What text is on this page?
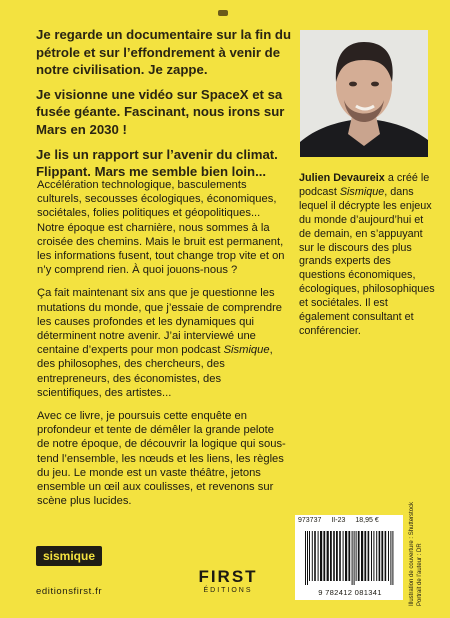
Je regarde un documentaire sur la fin du pétrole et sur l’effondrement à venir de notre civilisation. Je zappe.

Je visionne une vidéo sur SpaceX et sa fusée géante. Fascinant, nous irons sur Mars en 2030 !

Je lis un rapport sur l’avenir du climat. Flippant. Mars me semble bien loin...	Julien Devaureix a créé le podcast Sismique, dans lequel il décrypte les enjeux du monde d’aujourd’hui et de demain, en s’appuyant sur le discours des plus grands experts des questions économiques, écologiques, philosophiques et sociétales. Il est également consultant et conférencier.

Accélération technologique, basculements culturels, secousses écologiques, économiques, sociétales, folies politiques et géopolitiques... Notre époque est charnière, nous sommes à la croisée des chemins. Mais le bruit est permanent, les informations fusent, tout change trop vite et on n’y comprend rien. À quoi jouons-nous ?

Ça fait maintenant six ans que je questionne les mutations du monde, que j’essaie de comprendre les causes profondes et les dynamiques qui déterminent notre avenir. J’ai interviewé une centaine d’experts pour mon podcast Sismique, des philosophes, des chercheurs, des entrepreneurs, des économistes, des scientifiques, des artistes...

Avec ce livre, je poursuis cette enquête en profondeur et tente de démêler la grande pelote de notre époque, de découvrir la logique qui sous-tend l’ensemble, les nœuds et les liens, les règles du jeu. Le monde est un vaste théâtre, jetons ensemble un œil aux coulisses, et revenons sur scène plus lucides.

sismique
editionsfirst.fr
FIRST
ÉDITIONS
973737 II-23 18,95 €
9 782412 081341	Illustration de couverture : Shutterstock Portrait de l’auteur : DR
